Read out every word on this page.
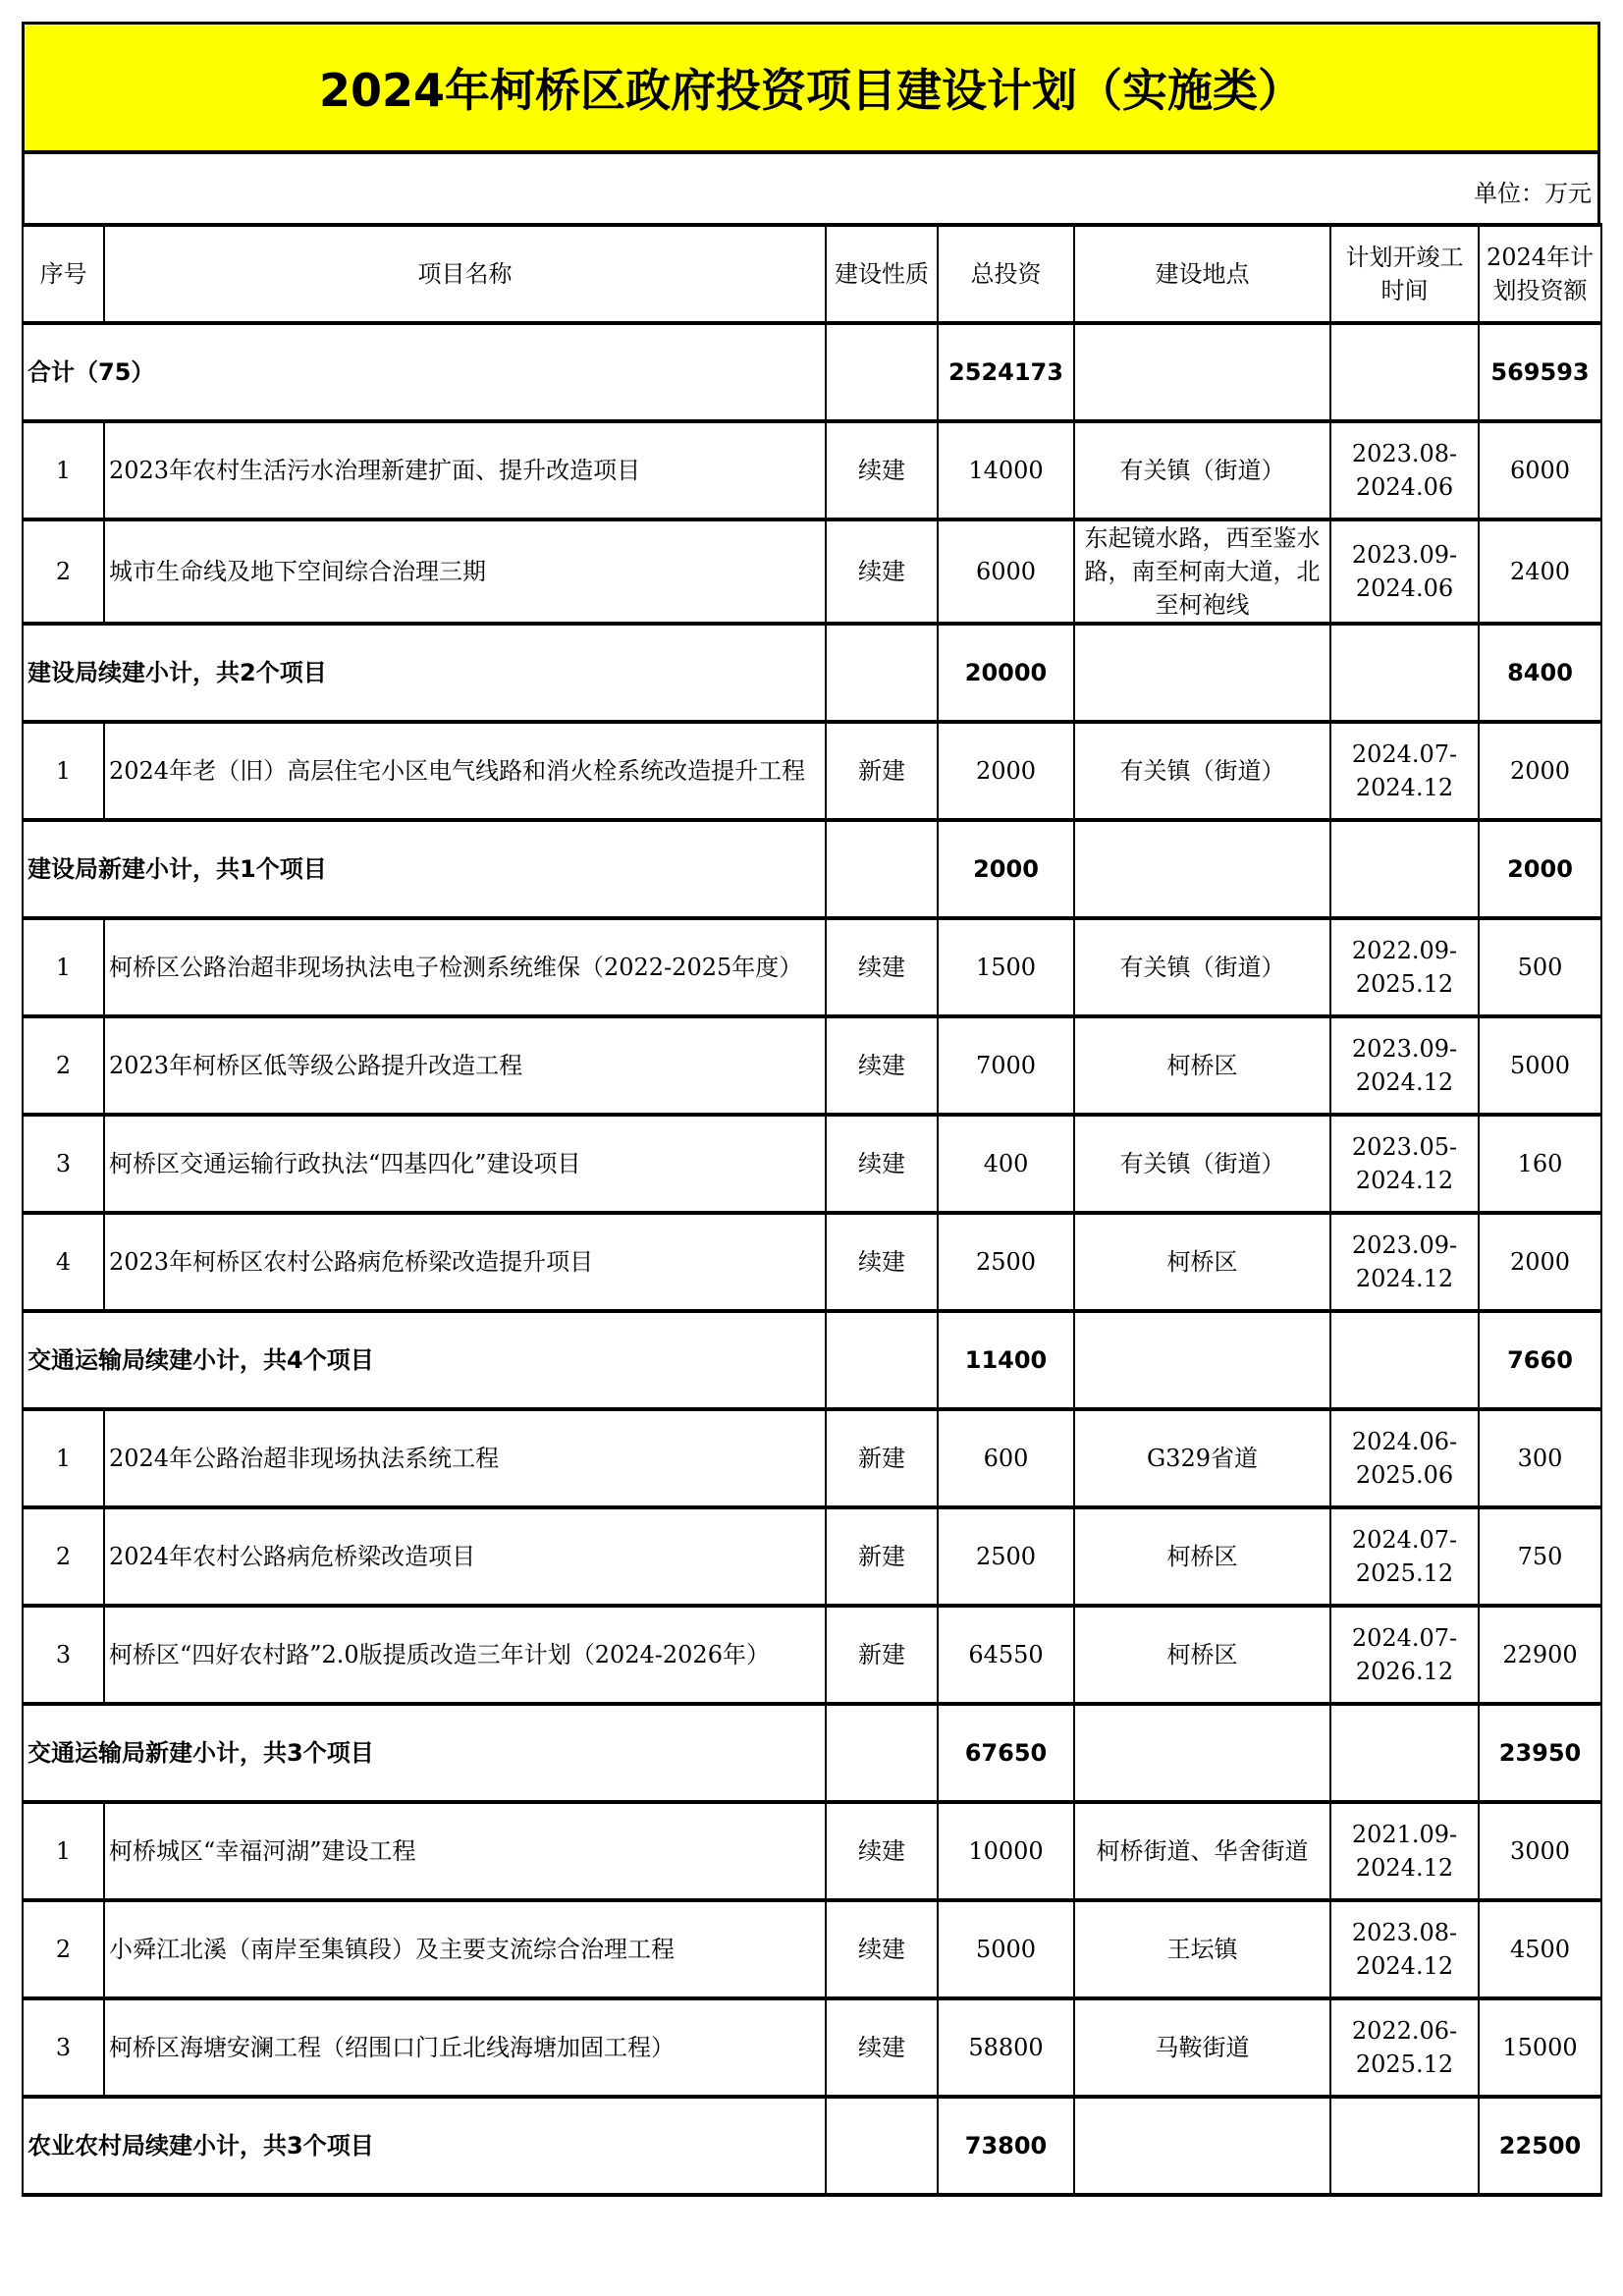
2024年柯桥区政府投资项目建设计划（实施类）
单位：万元
序号	项目名称	建设性质	总投资	建设地点	计划开竣工时间	2024年计划投资额
合计（75）			2524173			569593
1	2023年农村生活污水治理新建扩面、提升改造项目	续建	14000	有关镇（街道）	2023.08-2024.06	6000
2	城市生命线及地下空间综合治理三期	续建	6000	东起镜水路，西至鉴水路，南至柯南大道，北至柯袍线	2023.09-2024.06	2400
建设局续建小计，共2个项目			20000			8400
1	2024年老（旧）高层住宅小区电气线路和消火栓系统改造提升工程	新建	2000	有关镇（街道）	2024.07-2024.12	2000
建设局新建小计，共1个项目			2000			2000
1	柯桥区公路治超非现场执法电子检测系统维保（2022-2025年度）	续建	1500	有关镇（街道）	2022.09-2025.12	500
2	2023年柯桥区低等级公路提升改造工程	续建	7000	柯桥区	2023.09-2024.12	5000
3	柯桥区交通运输行政执法“四基四化”建设项目	续建	400	有关镇（街道）	2023.05-2024.12	160
4	2023年柯桥区农村公路病危桥梁改造提升项目	续建	2500	柯桥区	2023.09-2024.12	2000
交通运输局续建小计，共4个项目			11400			7660
1	2024年公路治超非现场执法系统工程	新建	600	G329省道	2024.06-2025.06	300
2	2024年农村公路病危桥梁改造项目	新建	2500	柯桥区	2024.07-2025.12	750
3	柯桥区“四好农村路”2.0版提质改造三年计划（2024-2026年）	新建	64550	柯桥区	2024.07-2026.12	22900
交通运输局新建小计，共3个项目			67650			23950
1	柯桥城区“幸福河湖”建设工程	续建	10000	柯桥街道、华舍街道	2021.09-2024.12	3000
2	小舜江北溪（南岸至集镇段）及主要支流综合治理工程	续建	5000	王坛镇	2023.08-2024.12	4500
3	柯桥区海塘安澜工程（绍围口门丘北线海塘加固工程）	续建	58800	马鞍街道	2022.06-2025.12	15000
农业农村局续建小计，共3个项目			73800			22500
